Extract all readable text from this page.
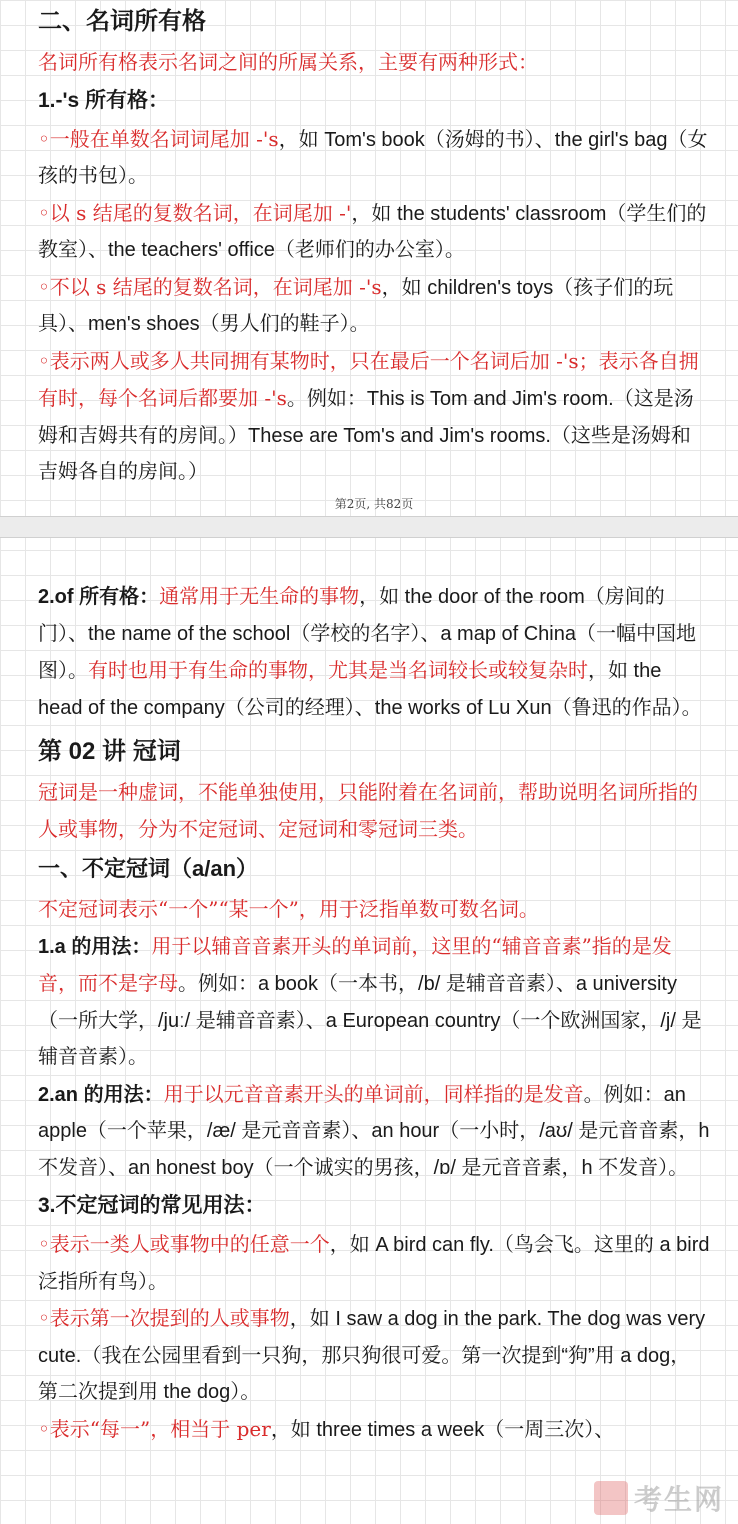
二、名词所有格

名词所有格表示名词之间的所属关系，主要有两种形式：

1.-'s 所有格：

◦一般在单数名词词尾加 -'s，如 Tom's book（汤姆的书）、the girl's bag（女孩的书包）。

◦以 s 结尾的复数名词，在词尾加 -'，如 the students' classroom（学生们的教室）、the teachers' office（老师们的办公室）。

◦不以 s 结尾的复数名词，在词尾加 -'s，如 children's toys（孩子们的玩具）、men's shoes（男人们的鞋子）。

◦表示两人或多人共同拥有某物时，只在最后一个名词后加 -'s；表示各自拥有时，每个名词后都要加 -'s。例如：This is Tom and Jim's room.（这是汤姆和吉姆共有的房间。）These are Tom's and Jim's rooms.（这些是汤姆和吉姆各自的房间。）

第2页, 共82页

2.of 所有格：通常用于无生命的事物，如 the door of the room（房间的门）、the name of the school（学校的名字）、a map of China（一幅中国地图）。有时也用于有生命的事物，尤其是当名词较长或较复杂时，如 the head of the company（公司的经理）、the works of Lu Xun（鲁迅的作品）。

第 02 讲 冠词

冠词是一种虚词，不能单独使用，只能附着在名词前，帮助说明名词所指的人或事物，分为不定冠词、定冠词和零冠词三类。

一、不定冠词（a/an）

不定冠词表示“一个”“某一个”，用于泛指单数可数名词。

1.a 的用法：用于以辅音音素开头的单词前，这里的“辅音音素”指的是发音，而不是字母。例如：a book（一本书，/b/ 是辅音音素）、a university（一所大学，/juː/ 是辅音音素）、a European country（一个欧洲国家，/j/ 是辅音音素）。

2.an 的用法：用于以元音音素开头的单词前，同样指的是发音。例如：an apple（一个苹果，/æ/ 是元音音素）、an hour（一小时，/aʊ/ 是元音音素，h 不发音）、an honest boy（一个诚实的男孩，/ɒ/ 是元音音素，h 不发音）。

3.不定冠词的常见用法：

◦表示一类人或事物中的任意一个，如 A bird can fly.（鸟会飞。这里的 a bird 泛指所有鸟）。

◦表示第一次提到的人或事物，如 I saw a dog in the park. The dog was very cute.（我在公园里看到一只狗，那只狗很可爱。第一次提到“狗”用 a dog，第二次提到用 the dog）。

◦表示“每一”，相当于 per，如 three times a week（一周三次）、

考生网
